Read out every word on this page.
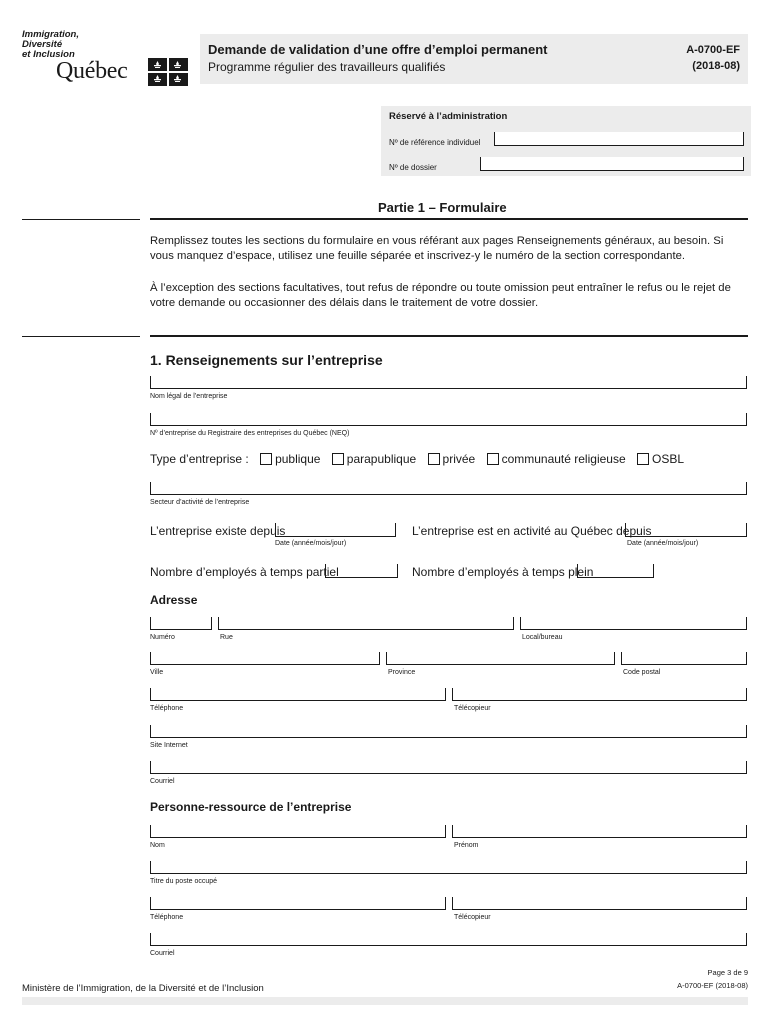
Immigration,
Diversité
et Inclusion
Québec
Demande de validation d’une offre d’emploi permanent
Programme régulier des travailleurs qualifiés
A-0700-EF
(2018-08)
Réservé à l’administration
Nº de référence individuel
Nº de dossier
Partie 1 – Formulaire
Remplissez toutes les sections du formulaire en vous référant aux pages Renseignements généraux, au besoin. Si vous manquez d’espace, utilisez une feuille séparée et inscrivez-y le numéro de la section correspondante.
À l’exception des sections facultatives, tout refus de répondre ou toute omission peut entraîner le refus ou le rejet de votre demande ou occasionner des délais dans le traitement de votre dossier.
1. Renseignements sur l’entreprise
Nom légal de l’entreprise
Nº d’entreprise du Registraire des entreprises du Québec (NEQ)
Type d’entreprise : publique parapublique privée communauté religieuse OSBL
Secteur d’activité de l’entreprise
L’entreprise existe depuis
Date (année/mois/jour)
L’entreprise est en activité au Québec depuis
Date (année/mois/jour)
Nombre d’employés à temps partiel	Nombre d’employés à temps plein
Adresse
Numéro	Rue	Local/bureau
Ville	Province	Code postal
Téléphone	Télécopieur
Site Internet
Courriel
Personne-ressource de l’entreprise
Nom	Prénom
Titre du poste occupé
Téléphone	Télécopieur
Courriel
Ministère de l’Immigration, de la Diversité et de l’Inclusion
Page 3 de 9
A-0700-EF (2018-08)
